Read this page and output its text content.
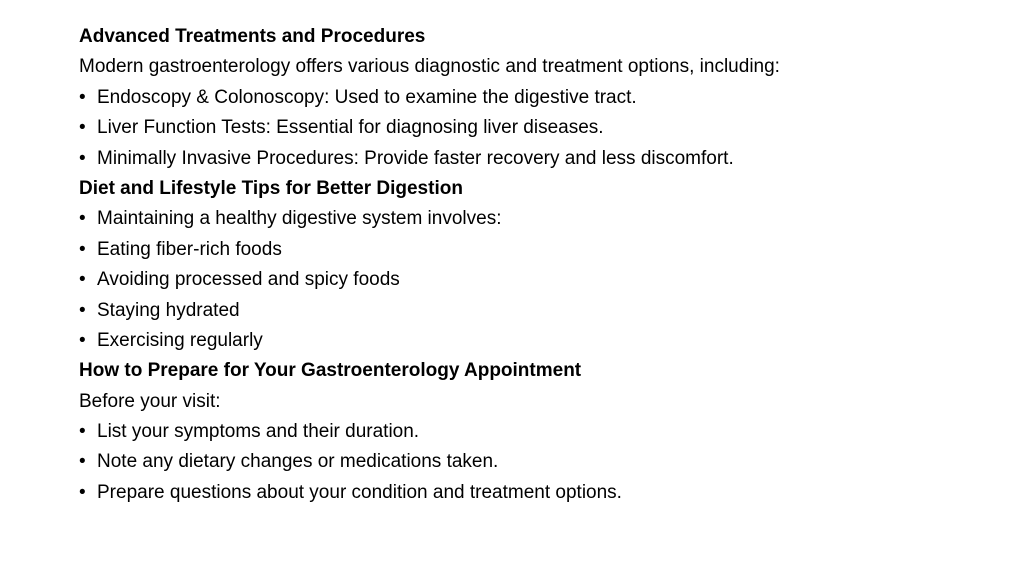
Advanced Treatments and Procedures
Modern gastroenterology offers various diagnostic and treatment options, including:
• Endoscopy & Colonoscopy: Used to examine the digestive tract.
• Liver Function Tests: Essential for diagnosing liver diseases.
• Minimally Invasive Procedures: Provide faster recovery and less discomfort.
Diet and Lifestyle Tips for Better Digestion
• Maintaining a healthy digestive system involves:
• Eating fiber-rich foods
• Avoiding processed and spicy foods
• Staying hydrated
• Exercising regularly
How to Prepare for Your Gastroenterology Appointment
Before your visit:
• List your symptoms and their duration.
• Note any dietary changes or medications taken.
• Prepare questions about your condition and treatment options.
